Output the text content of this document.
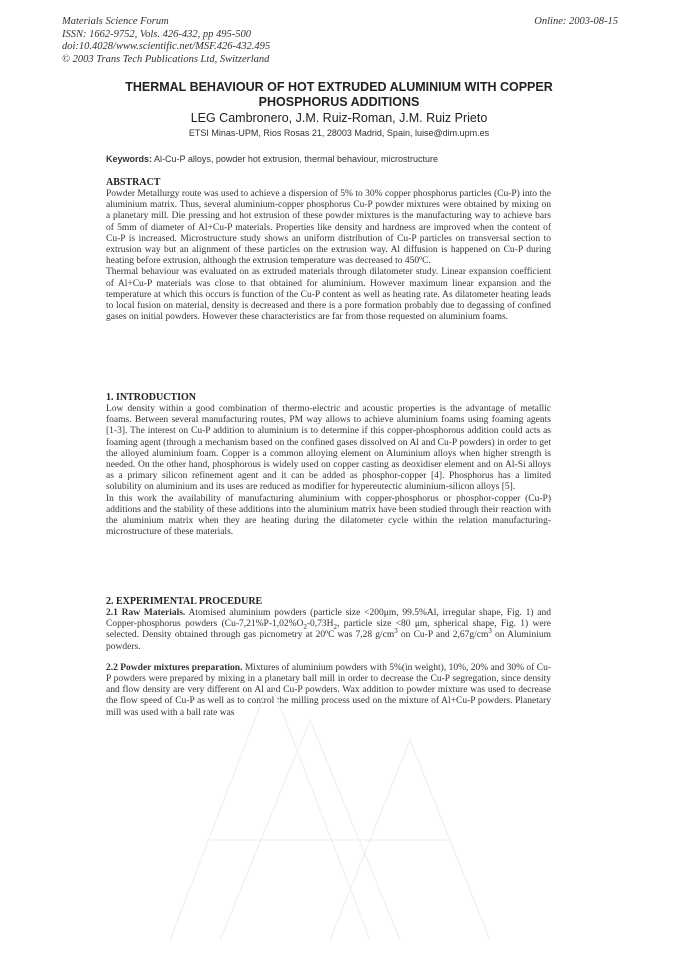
Materials Science Forum
ISSN: 1662-9752, Vols. 426-432, pp 495-500
doi:10.4028/www.scientific.net/MSF.426-432.495
© 2003 Trans Tech Publications Ltd, Switzerland
Online: 2003-08-15
THERMAL BEHAVIOUR OF HOT EXTRUDED ALUMINIUM WITH COPPER
PHOSPHORUS ADDITIONS
LEG Cambronero, J.M. Ruiz-Roman, J.M. Ruiz Prieto
ETSI Minas-UPM, Rios Rosas 21, 28003 Madrid, Spain, luise@dim.upm.es
Keywords: Al-Cu-P alloys, powder hot extrusion, thermal behaviour, microstructure
ABSTRACT

Powder Metallurgy route was used to achieve a dispersion of 5% to 30% copper phosphorus particles (Cu-P) into the aluminium matrix. Thus, several aluminium-copper phosphorus Cu-P powder mixtures were obtained by mixing on a planetary mill. Die pressing and hot extrusion of these powder mixtures is the manufacturing way to achieve bars of 5mm of diameter of Al+Cu-P materials. Properties like density and hardness are improved when the content of Cu-P is increased. Microstructure study shows an uniform distribution of Cu-P particles on transversal section to extrusion way but an alignment of these particles on the extrusion way. Al diffusion is happened on Cu-P during heating before extrusion, although the extrusion temperature was decreased to 450ºC.

Thermal behaviour was evaluated on as extruded materials through dilatometer study. Linear expansion coefficient of Al+Cu-P materials was close to that obtained for aluminium. However maximum linear expansion and the temperature at which this occurs is function of the Cu-P content as well as heating rate. As dilatometer heating leads to local fusion on material, density is decreased and there is a pore formation probably due to degassing of confined gases on initial powders. However these characteristics are far from those requested on aluminium foams.

1. INTRODUCTION

Low density within a good combination of thermo-electric and acoustic properties is the advantage of metallic foams. Between several manufacturing routes, PM way allows to achieve aluminium foams using foaming agents [1-3]. The interest on Cu-P addition to aluminium is to determine if this copper-phosphorous addition could acts as foaming agent (through a mechanism based on the confined gases dissolved on Al and Cu-P powders) in order to get the alloyed aluminium foam. Copper is a common alloying element on Aluminium alloys when higher strength is needed. On the other hand, phosphorous is widely used on copper casting as deoxidiser element and on Al-Si alloys as a primary silicon refinement agent and it can be added as phosphor-copper [4]. Phosphorus has a limited solubility on aluminium and its uses are reduced as modifier for hypereutectic aluminium-silicon alloys [5].

In this work the availability of manufacturing aluminium with copper-phosphorus or phosphor-copper (Cu-P) additions and the stability of these additions into the aluminium matrix have been studied through their reaction with the aluminium matrix when they are heating during the dilatometer cycle within the relation manufacturing-microstructure of these materials.

2. EXPERIMENTAL PROCEDURE

2.1 Raw Materials. Atomised aluminium powders (particle size <200μm, 99.5%Al, irregular shape, Fig. 1) and Copper-phosphorus powders ($Cu-7,21\%P-1,02\%O_2-0,73H_2$, particle size <80 μm, spherical shape, Fig. 1) were selected. Density obtained through gas picnometry at 20ºC was 7,28 $g/cm^3$ on Cu-P and $2,67g/cm^3$ on Aluminium powders.

2.2 Powder mixtures preparation. Mixtures of aluminium powders with 5%(in weight), 10%, 20% and 30% of Cu-P powders were prepared by mixing in a planetary ball mill in order to decrease the Cu-P segregation, since density and flow density are very different on Al and Cu-P powders. Wax addition to powder mixture was used to decrease the flow speed of Cu-P as well as to control the milling process used on the mixture of Al+Cu-P powders. Planetary mill was used with a ball rate was
